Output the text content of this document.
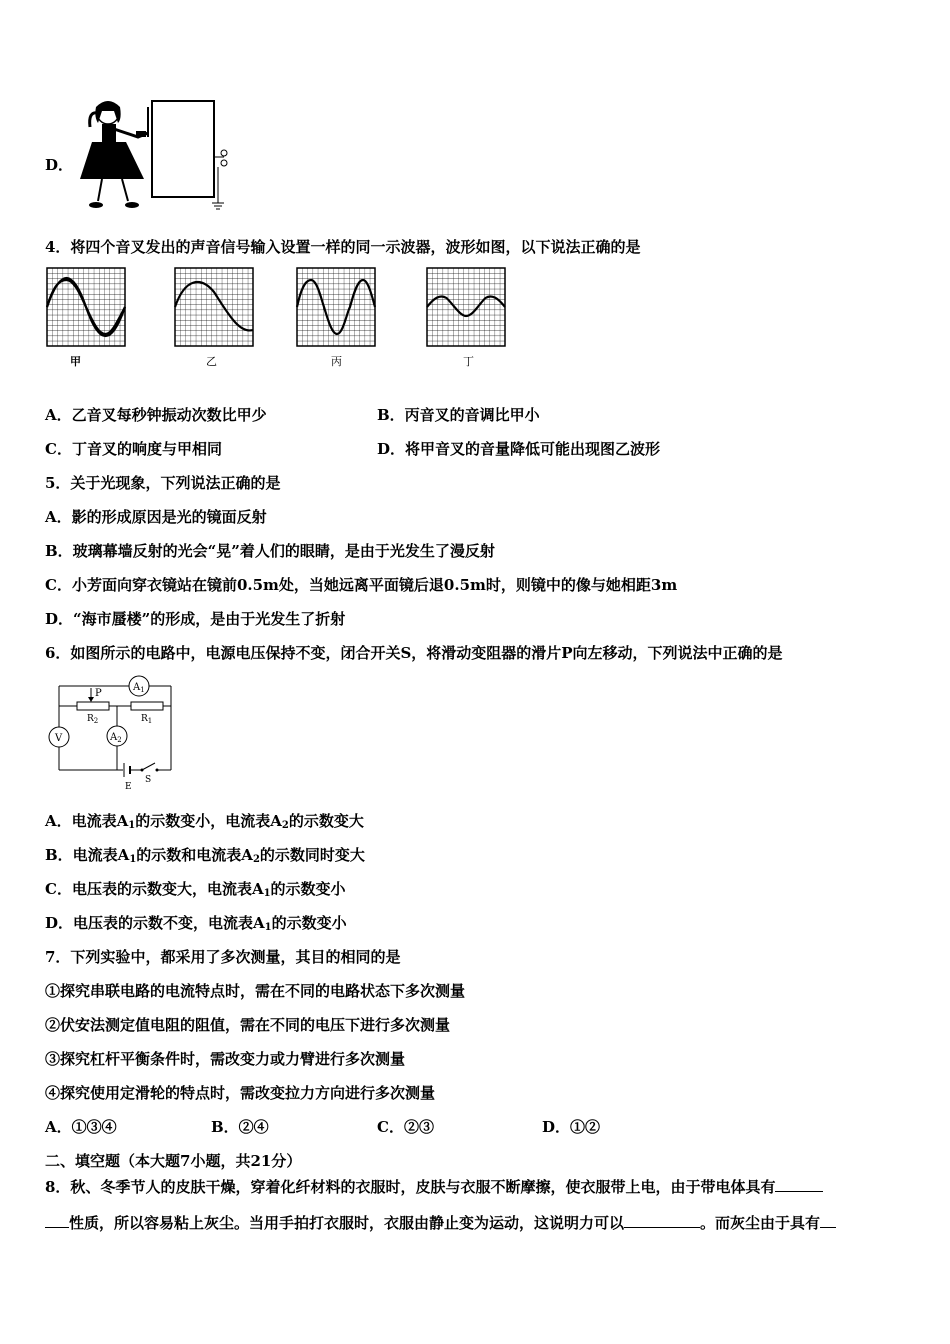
D．
4．将四个音叉发出的声音信号输入设置一样的同一示波器，波形如图，以下说法正确的是
甲	乙	丙	丁
A．乙音叉每秒钟振动次数比甲少	B．丙音叉的音调比甲小
C．丁音叉的响度与甲相同	D．将甲音叉的音量降低可能出现图乙波形
5．关于光现象，下列说法正确的是
A．影的形成原因是光的镜面反射
B．玻璃幕墙反射的光会“晃”着人们的眼睛，是由于光发生了漫反射
C．小芳面向穿衣镜站在镜前0.5m处，当她远离平面镜后退0.5m时，则镜中的像与她相距3m
D．“海市蜃楼”的形成，是由于光发生了折射
6．如图所示的电路中，电源电压保持不变，闭合开关S，将滑动变阻器的滑片P向左移动，下列说法中正确的是
$A_1$
P
$R_2$	$R_1$
V	$A_2$
E
S
A．电流表$A_1$的示数变小，电流表$A_2$的示数变大
B．电流表$A_1$的示数和电流表$A_2$的示数同时变大
C．电压表的示数变大，电流表$A_1$的示数变小
D．电压表的示数不变，电流表$A_1$的示数变小
7．下列实验中，都采用了多次测量，其目的相同的是
①探究串联电路的电流特点时，需在不同的电路状态下多次测量
②伏安法测定值电阻的阻值，需在不同的电压下进行多次测量
③探究杠杆平衡条件时，需改变力或力臂进行多次测量
④探究使用定滑轮的特点时，需改变拉力方向进行多次测量
A．①③④	B．②④	C．②③	D．①②
二、填空题（本大题7小题，共21分）
8．秋、冬季节人的皮肤干燥，穿着化纤材料的衣服时，皮肤与衣服不断摩擦，使衣服带上电，由于带电体具有
性质，所以容易粘上灰尘。当用手拍打衣服时，衣服由静止变为运动，这说明力可以	。而灰尘由于具有
